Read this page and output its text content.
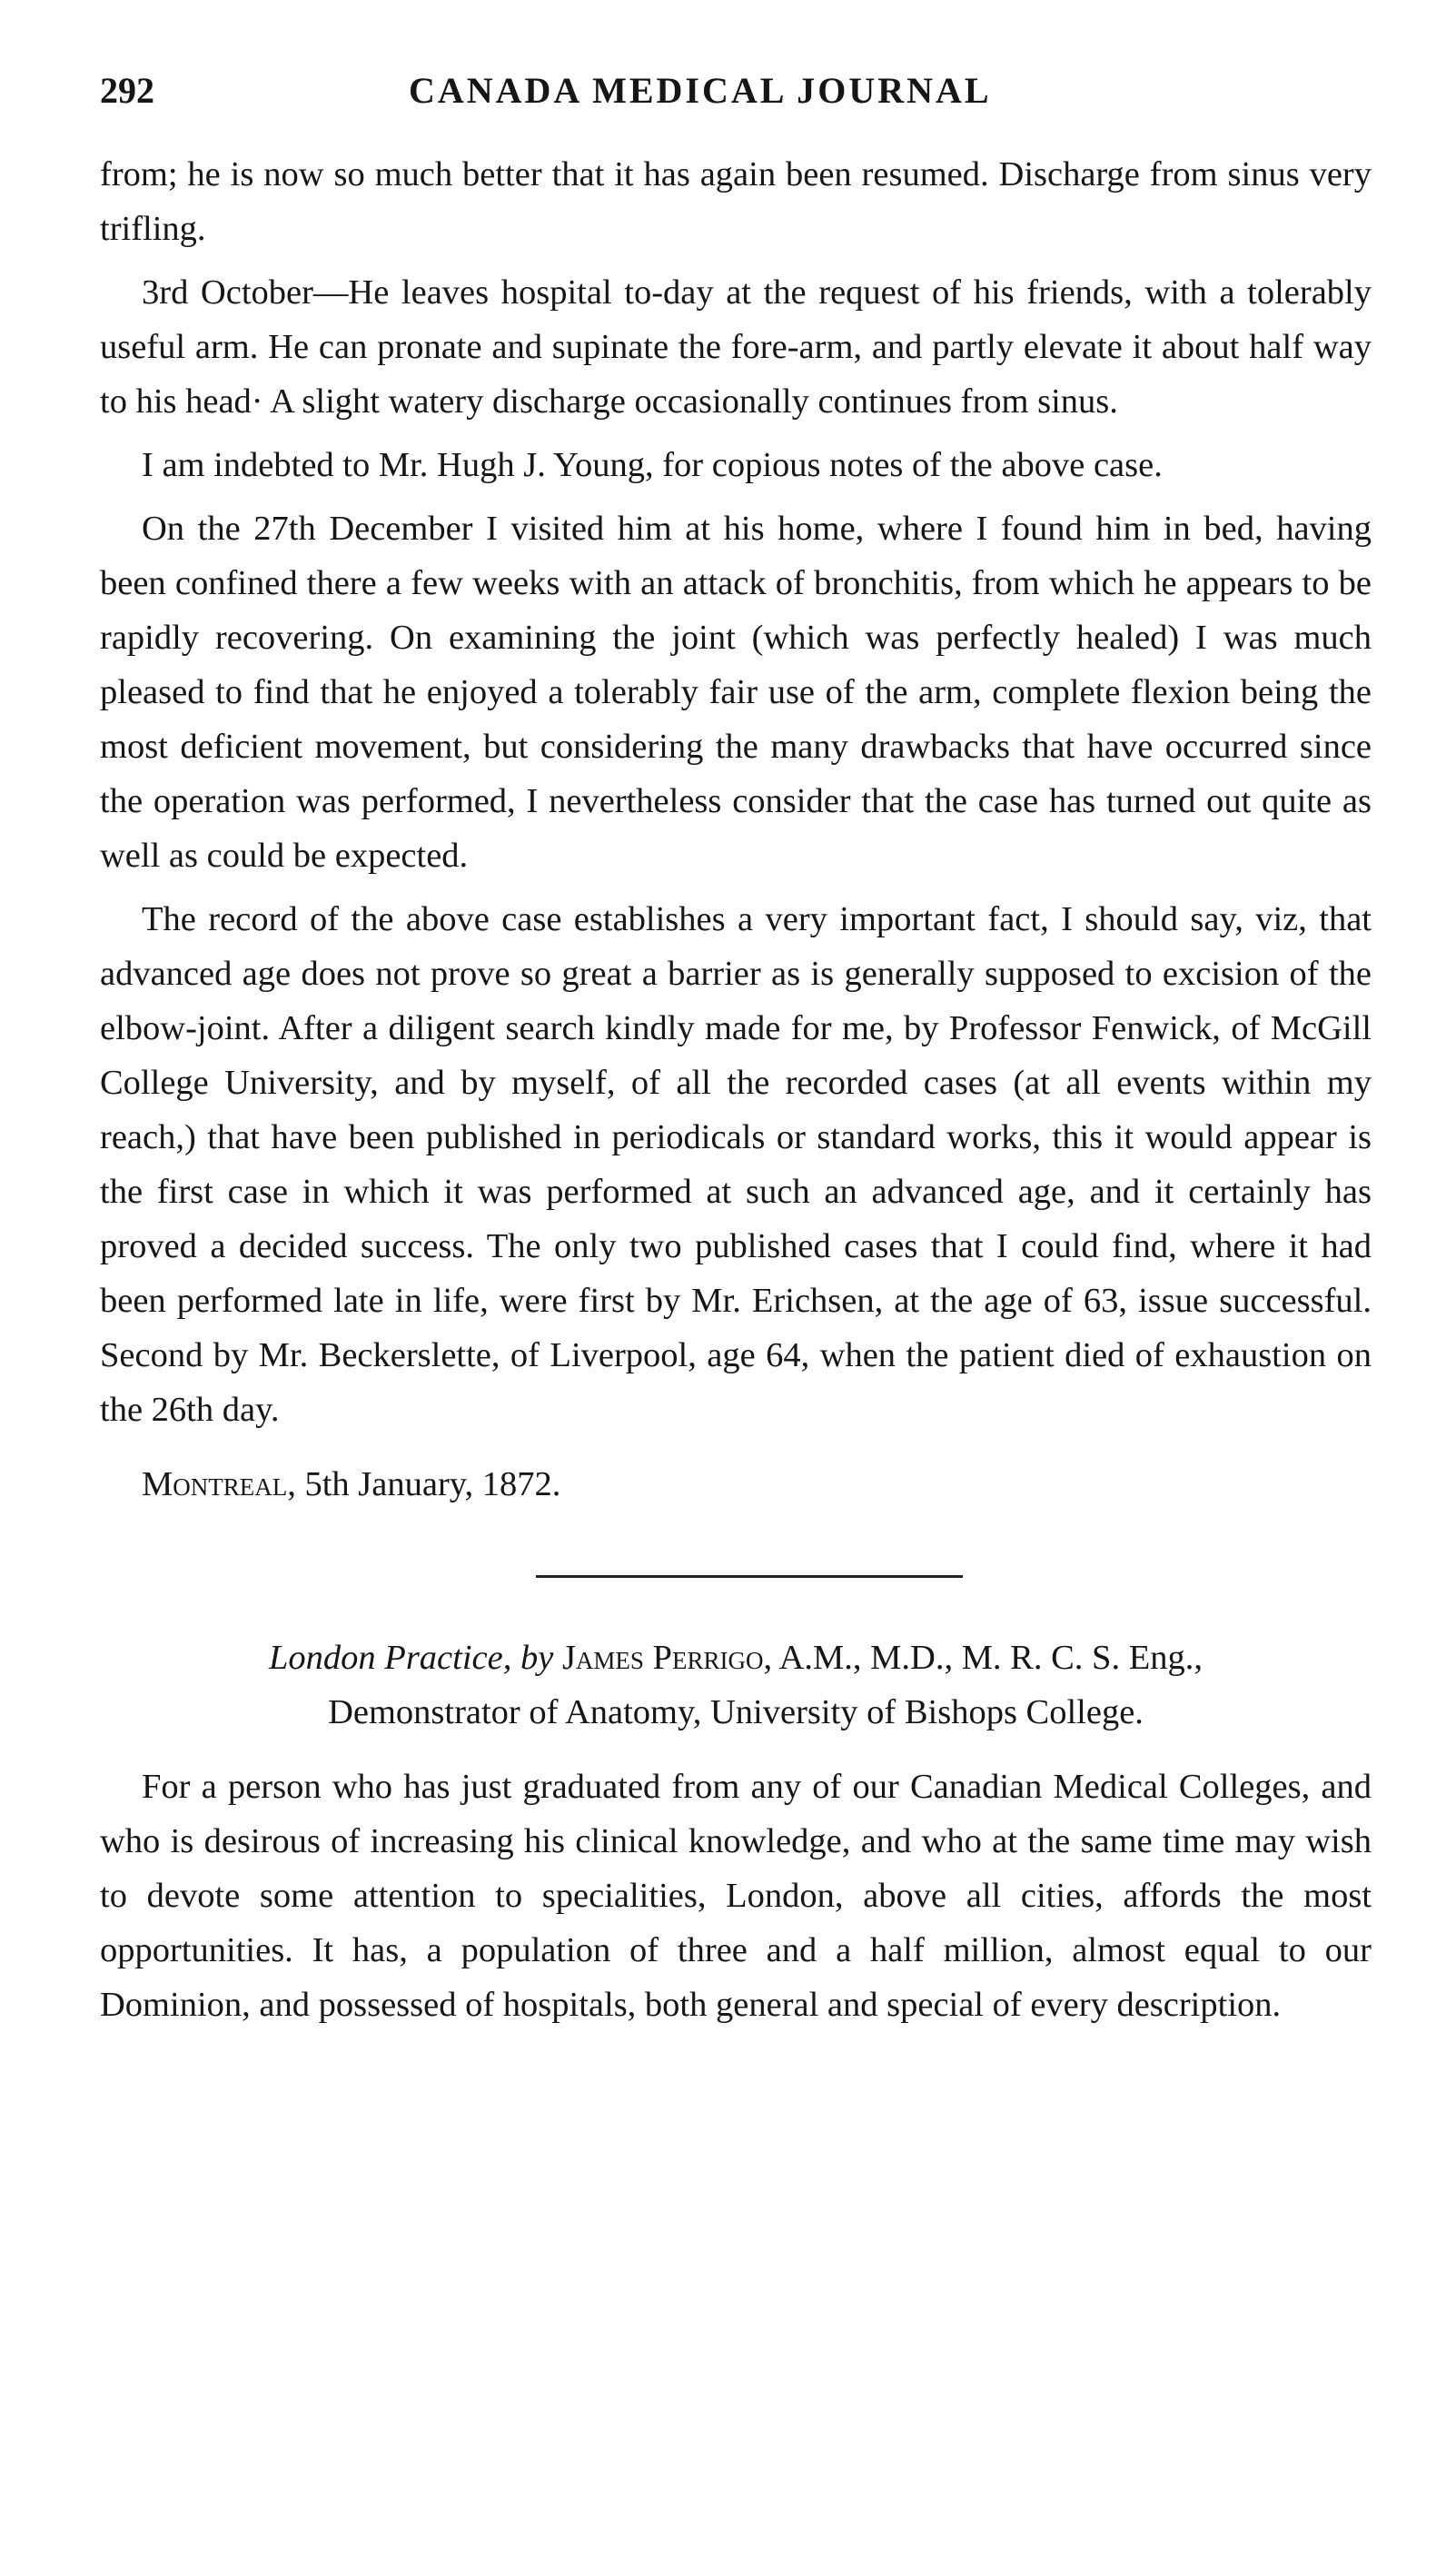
292	CANADA MEDICAL JOURNAL

from; he is now so much better that it has again been resumed. Discharge from sinus very trifling.

3rd October—He leaves hospital to-day at the request of his friends, with a tolerably useful arm. He can pronate and supinate the fore-arm, and partly elevate it about half way to his head· A slight watery discharge occasionally continues from sinus.

I am indebted to Mr. Hugh J. Young, for copious notes of the above case.

On the 27th December I visited him at his home, where I found him in bed, having been confined there a few weeks with an attack of bronchitis, from which he appears to be rapidly recovering. On examining the joint (which was perfectly healed) I was much pleased to find that he enjoyed a tolerably fair use of the arm, complete flexion being the most deficient movement, but considering the many drawbacks that have occurred since the operation was performed, I nevertheless consider that the case has turned out quite as well as could be expected.

The record of the above case establishes a very important fact, I should say, viz, that advanced age does not prove so great a barrier as is generally supposed to excision of the elbow-joint. After a diligent search kindly made for me, by Professor Fenwick, of McGill College University, and by myself, of all the recorded cases (at all events within my reach,) that have been published in periodicals or standard works, this it would appear is the first case in which it was performed at such an advanced age, and it certainly has proved a decided success. The only two published cases that I could find, where it had been performed late in life, were first by Mr. Erichsen, at the age of 63, issue successful. Second by Mr. Beckerslette, of Liverpool, age 64, when the patient died of exhaustion on the 26th day.

Montreal, 5th January, 1872.
London Practice, by James Perrigo, A.M., M.D., M. R. C. S. Eng.,
Demonstrator of Anatomy, University of Bishops College.

For a person who has just graduated from any of our Canadian Medical Colleges, and who is desirous of increasing his clinical knowledge, and who at the same time may wish to devote some attention to specialities, London, above all cities, affords the most opportunities. It has, a population of three and a half million, almost equal to our Dominion, and possessed of hospitals, both general and special of every description.
